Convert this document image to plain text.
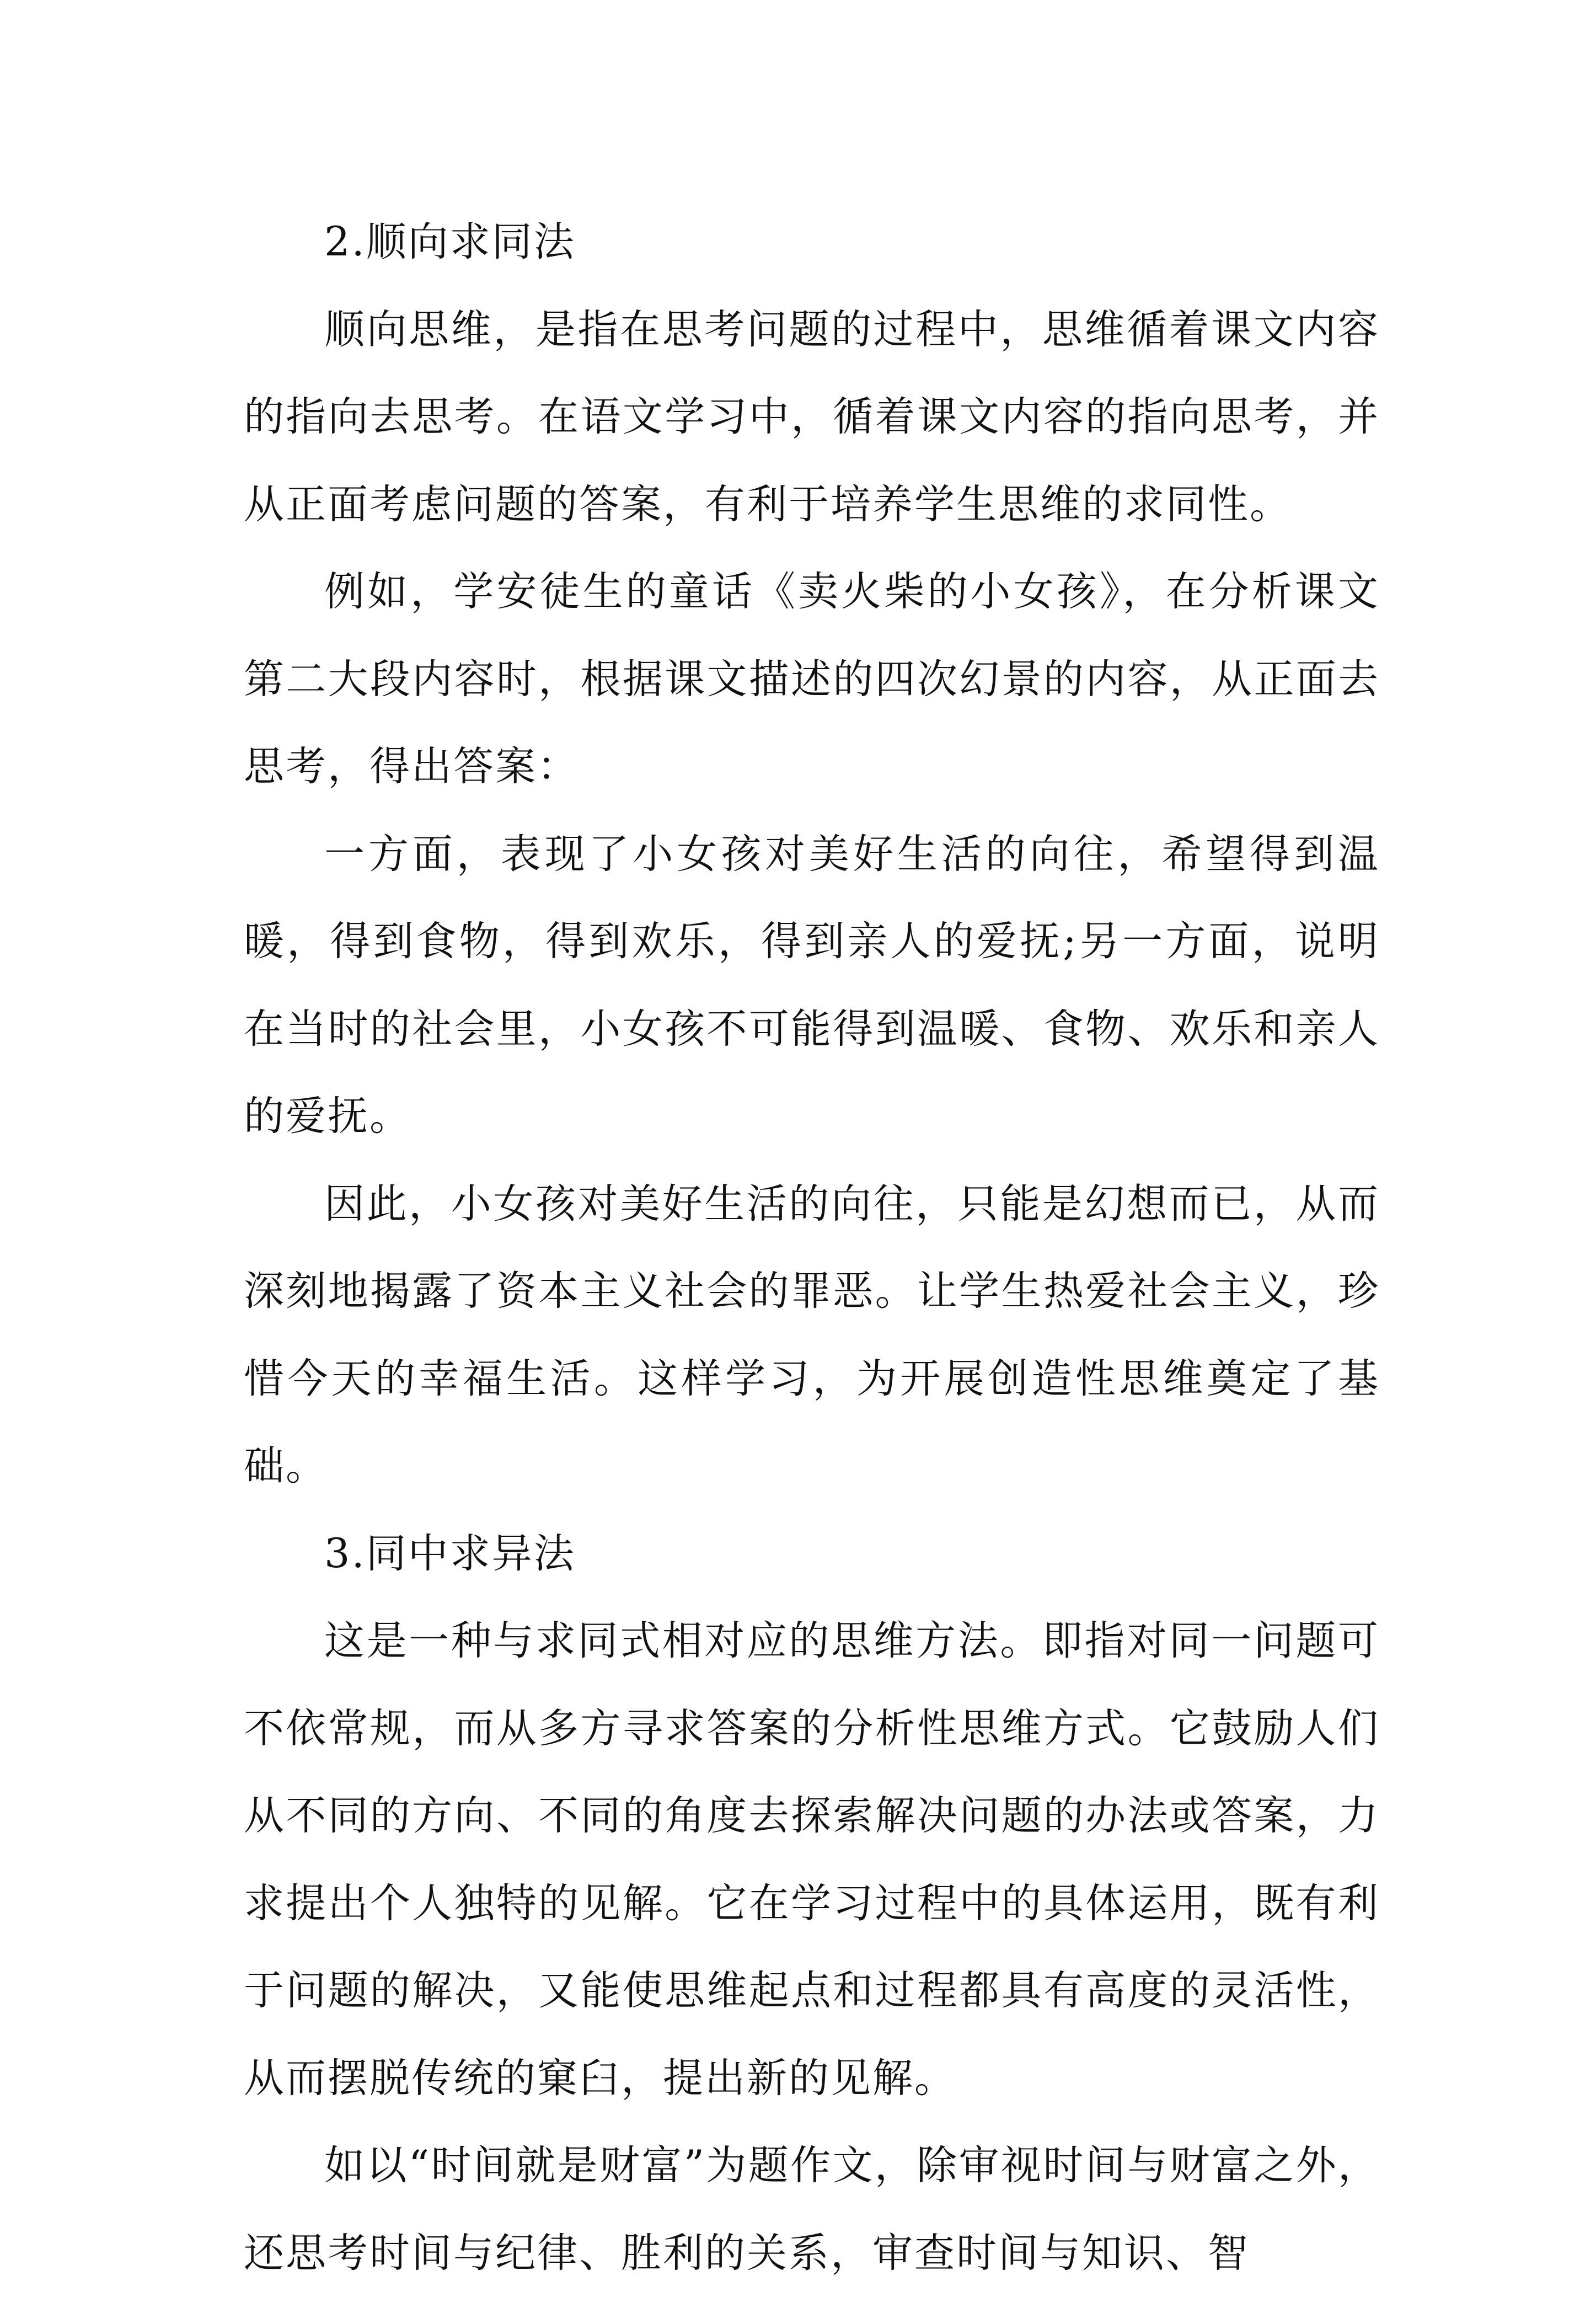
2.顺向求同法

顺向思维，是指在思考问题的过程中，思维循着课文内容的指向去思考。在语文学习中，循着课文内容的指向思考，并从正面考虑问题的答案，有利于培养学生思维的求同性。

例如，学安徒生的童话《卖火柴的小女孩》，在分析课文第二大段内容时，根据课文描述的四次幻景的内容，从正面去思考，得出答案：

一方面，表现了小女孩对美好生活的向往，希望得到温暖，得到食物，得到欢乐，得到亲人的爱抚;另一方面，说明在当时的社会里，小女孩不可能得到温暖、食物、欢乐和亲人的爱抚。

因此，小女孩对美好生活的向往，只能是幻想而已，从而深刻地揭露了资本主义社会的罪恶。让学生热爱社会主义，珍惜今天的幸福生活。这样学习，为开展创造性思维奠定了基础。

3.同中求异法

这是一种与求同式相对应的思维方法。即指对同一问题可不依常规，而从多方寻求答案的分析性思维方式。它鼓励人们从不同的方向、不同的角度去探索解决问题的办法或答案，力求提出个人独特的见解。它在学习过程中的具体运用，既有利于问题的解决，又能使思维起点和过程都具有高度的灵活性，从而摆脱传统的窠臼，提出新的见解。

如以“时间就是财富”为题作文，除审视时间与财富之外，还思考时间与纪律、胜利的关系，审查时间与知识、智
